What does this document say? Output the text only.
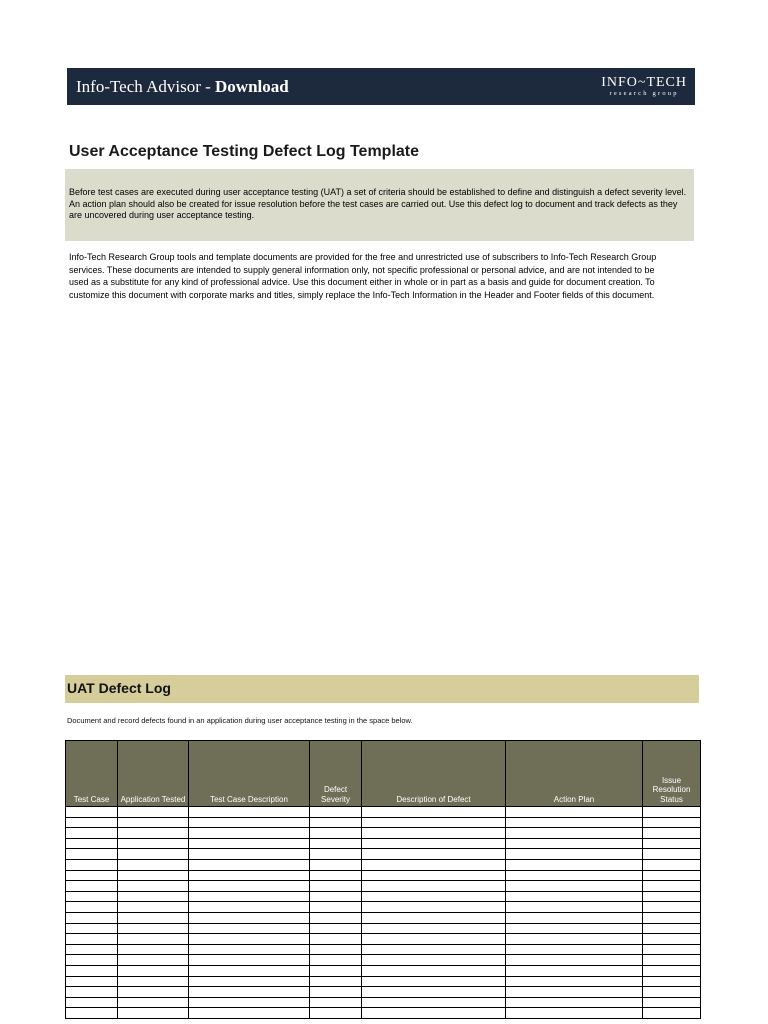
Info-Tech Advisor - Download	INFO~TECH
research group
User Acceptance Testing Defect Log Template
Before test cases are executed during user acceptance testing (UAT) a set of criteria should be established to define and distinguish a defect severity level. An action plan should also be created for issue resolution before the test cases are carried out. Use this defect log to document and track defects as they are uncovered during user acceptance testing.
Info-Tech Research Group tools and template documents are provided for the free and unrestricted use of subscribers to Info-Tech Research Group services. These documents are intended to supply general information only, not specific professional or personal advice, and are not intended to be used as a substitute for any kind of professional advice. Use this document either in whole or in part as a basis and guide for document creation. To customize this document with corporate marks and titles, simply replace the Info-Tech Information in the Header and Footer fields of this document.
UAT Defect Log
Document and record defects found in an application during user acceptance testing in the space below.
Test Case	Application Tested	Test Case Description	Defect Severity	Description of Defect	Action Plan	Issue Resolution Status
